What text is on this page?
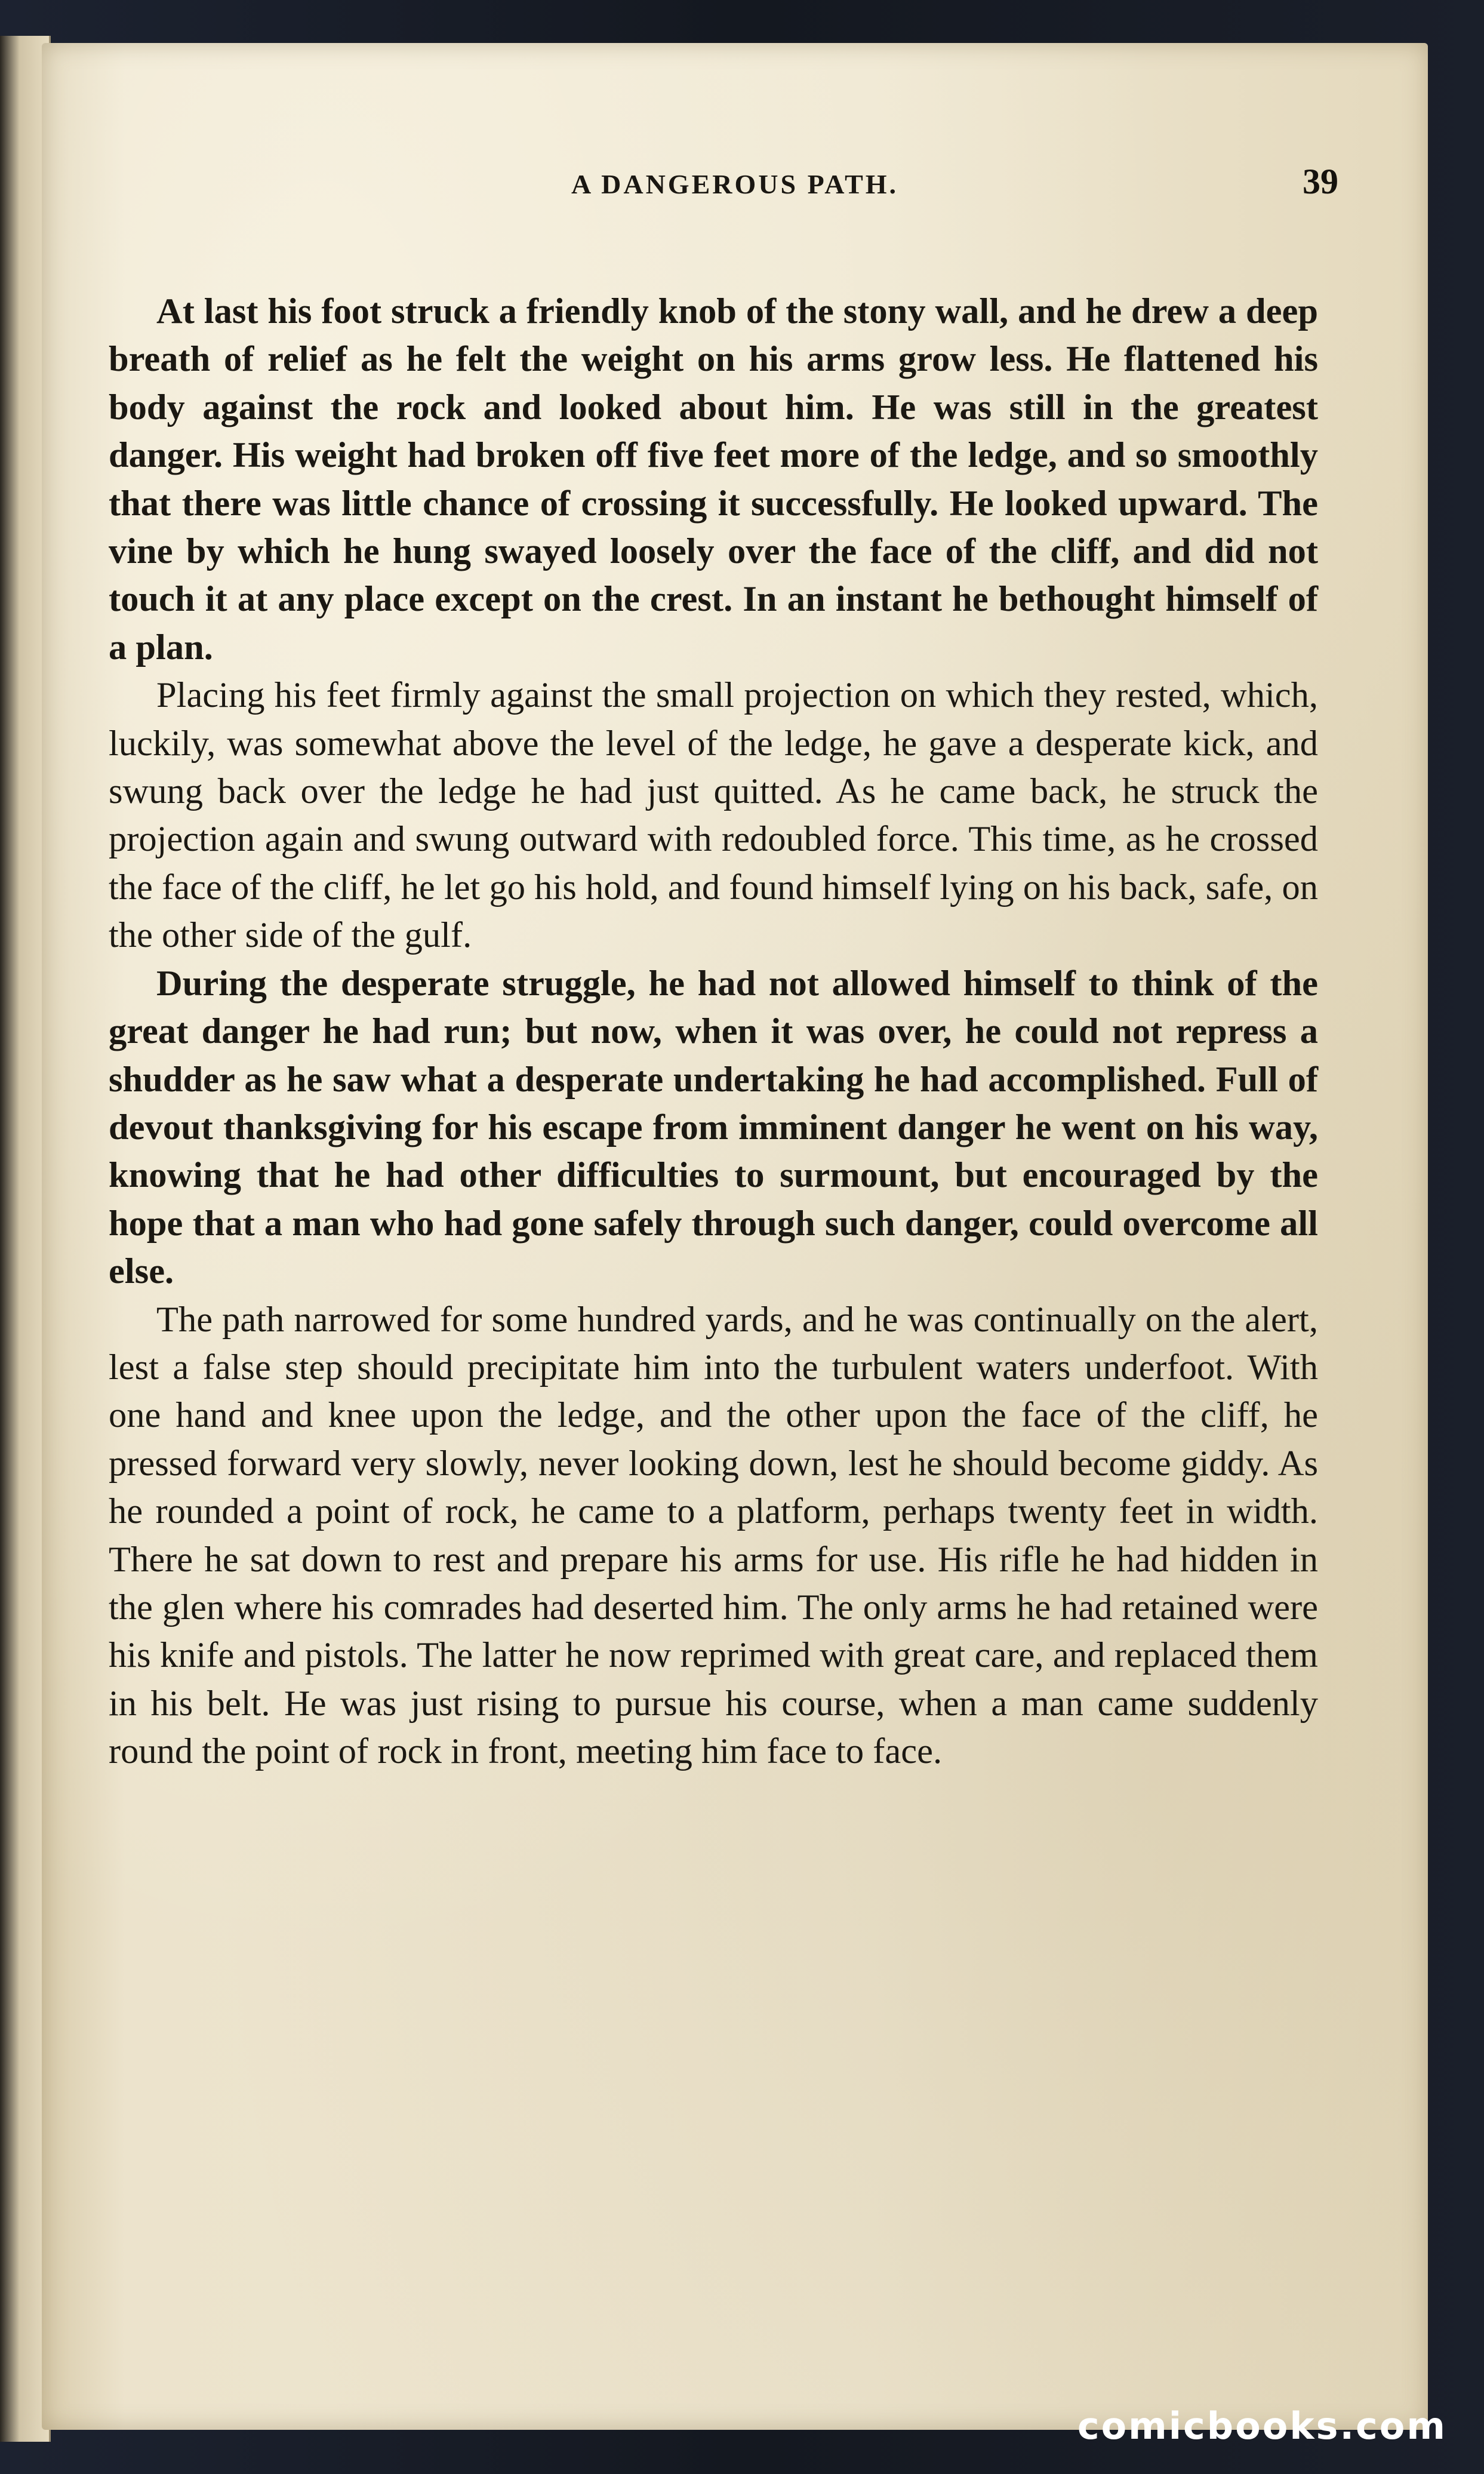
A DANGEROUS PATH.	39

At last his foot struck a friendly knob of the stony wall, and he drew a deep breath of relief as he felt the weight on his arms grow less. He flattened his body against the rock and looked about him. He was still in the greatest danger. His weight had broken off five feet more of the ledge, and so smoothly that there was little chance of crossing it successfully. He looked upward. The vine by which he hung swayed loosely over the face of the cliff, and did not touch it at any place except on the crest. In an instant he bethought himself of a plan.

Placing his feet firmly against the small projection on which they rested, which, luckily, was somewhat above the level of the ledge, he gave a desperate kick, and swung back over the ledge he had just quitted. As he came back, he struck the projection again and swung outward with redoubled force. This time, as he crossed the face of the cliff, he let go his hold, and found himself lying on his back, safe, on the other side of the gulf.

During the desperate struggle, he had not allowed himself to think of the great danger he had run; but now, when it was over, he could not repress a shudder as he saw what a desperate undertaking he had accomplished. Full of devout thanksgiving for his escape from imminent danger he went on his way, knowing that he had other difficulties to surmount, but encouraged by the hope that a man who had gone safely through such danger, could overcome all else.

The path narrowed for some hundred yards, and he was continually on the alert, lest a false step should precipitate him into the turbulent waters underfoot. With one hand and knee upon the ledge, and the other upon the face of the cliff, he pressed forward very slowly, never looking down, lest he should become giddy. As he rounded a point of rock, he came to a platform, perhaps twenty feet in width. There he sat down to rest and prepare his arms for use. His rifle he had hidden in the glen where his comrades had deserted him. The only arms he had retained were his knife and pistols. The latter he now reprimed with great care, and replaced them in his belt. He was just rising to pursue his course, when a man came suddenly round the point of rock in front, meeting him face to face.

comicbooks.com
